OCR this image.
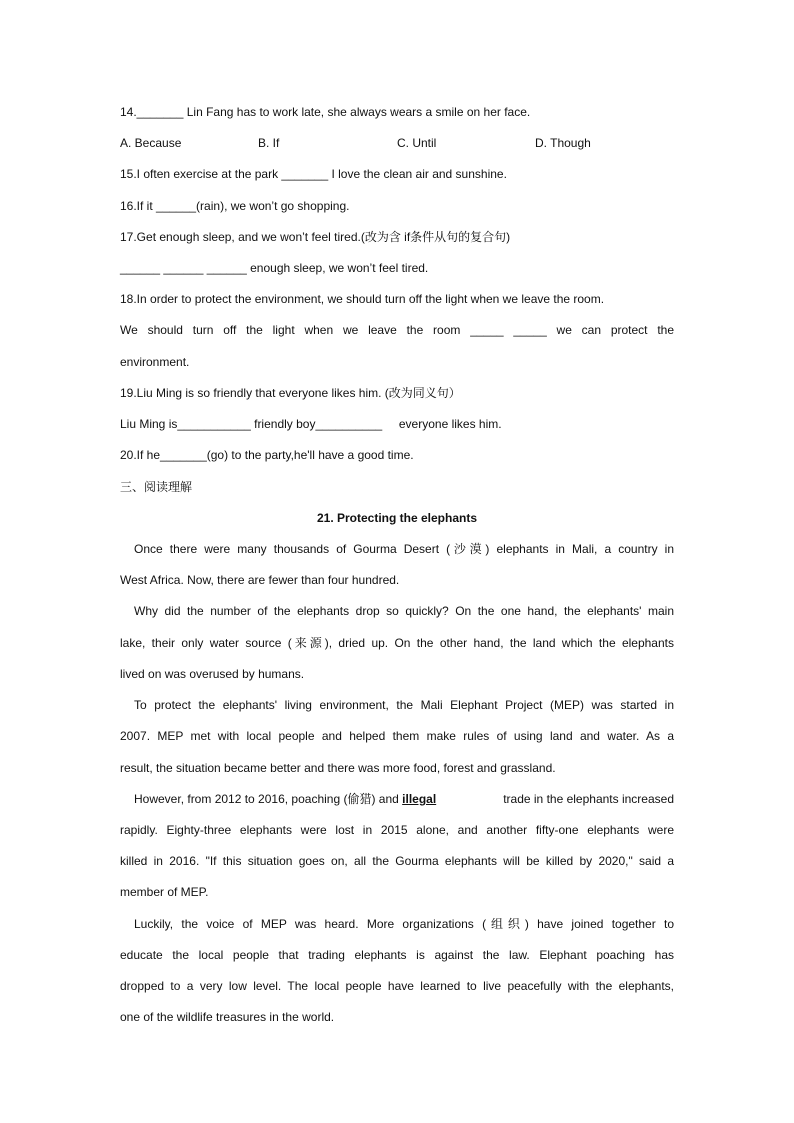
14._______ Lin Fang has to work late, she always wears a smile on her face.
A. Because	B. If	C. Until	D. Though
15.I often exercise at the park _______ I love the clean air and sunshine.
16.If it ______(rain), we won’t go shopping.
17.Get enough sleep, and we won’t feel tired.(改为含 if条件从句的复合句)
______ ______ ______ enough sleep, we won’t feel tired.
18.In order to protect the environment, we should turn off the light when we leave the room.
We should turn off the light when we leave the room _____ _____ we can protect the
environment.
19.Liu Ming is so friendly that everyone likes him. (改为同义句）
Liu Ming is___________ friendly boy__________     everyone likes him.
20.If he_______(go) to the party,he'll have a good time.
三、阅读理解
21. Protecting the elephants
Once there were many thousands of Gourma Desert (沙漠) elephants in Mali, a country in
West Africa. Now, there are fewer than four hundred.
Why did the number of the elephants drop so quickly? On the one hand, the elephants' main
lake, their only water source (来源), dried up. On the other hand, the land which the elephants
lived on was overused by humans.
To protect the elephants' living environment, the Mali Elephant Project (MEP) was started in
2007. MEP met with local people and helped them make rules of using land and water. As a
result, the situation became better and there was more food, forest and grassland.
However, from 2012 to 2016, poaching (偷猎) and illegal	trade in the elephants increased
rapidly. Eighty-three elephants were lost in 2015 alone, and another fifty-one elephants were
killed in 2016. "If this situation goes on, all the Gourma elephants will be killed by 2020," said a
member of MEP.
Luckily, the voice of MEP was heard. More organizations (组织) have joined together to
educate the local people that trading elephants is against the law. Elephant poaching has
dropped to a very low level. The local people have learned to live peacefully with the elephants,
one of the wildlife treasures in the world.
